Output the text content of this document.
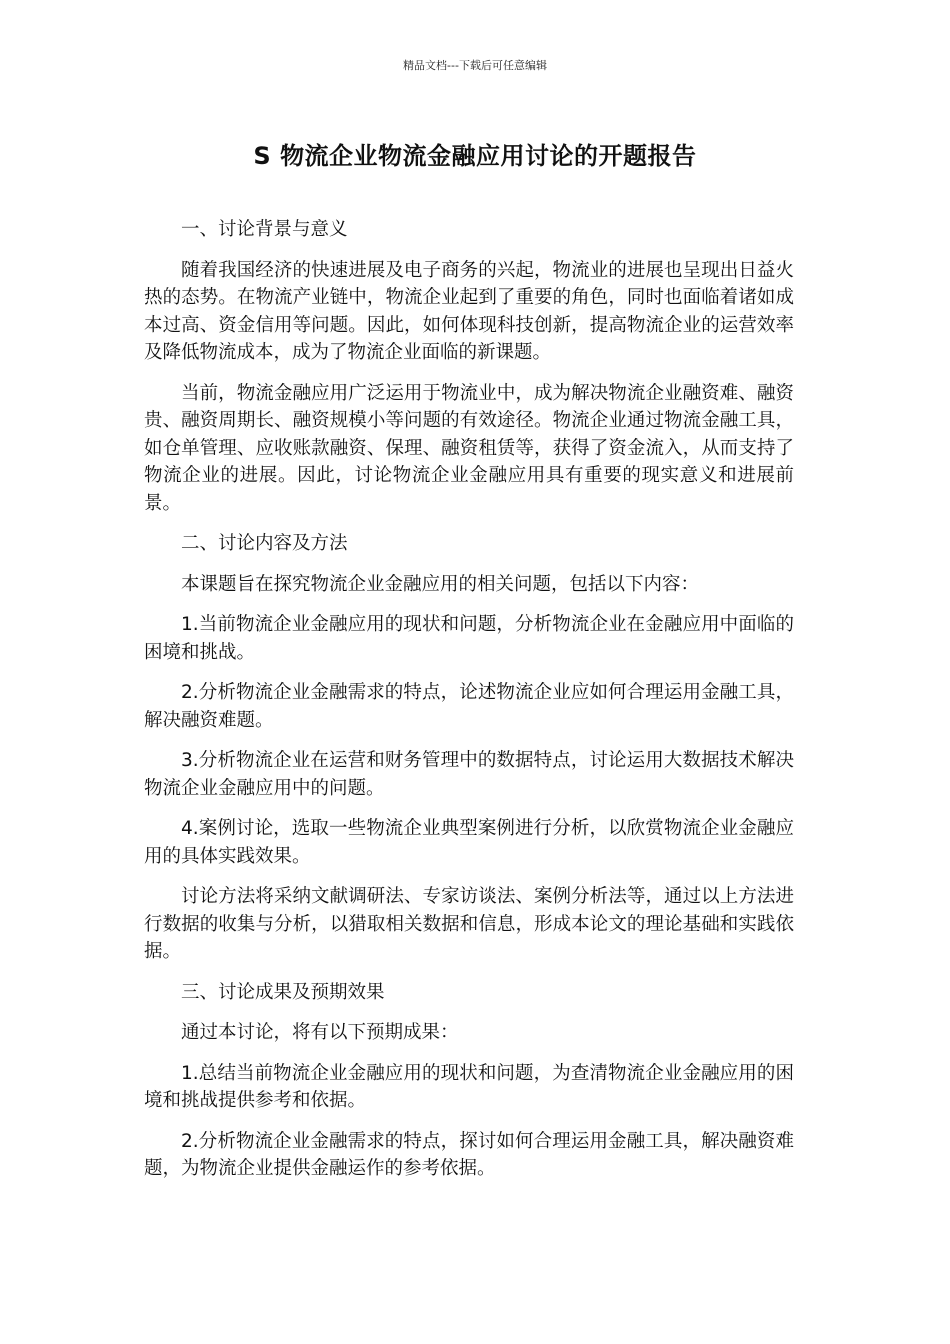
精品文档---下载后可任意编辑
S 物流企业物流金融应用讨论的开题报告

一、讨论背景与意义

随着我国经济的快速进展及电子商务的兴起，物流业的进展也呈现出日益火热的态势。在物流产业链中，物流企业起到了重要的角色，同时也面临着诸如成本过高、资金信用等问题。因此，如何体现科技创新，提高物流企业的运营效率及降低物流成本，成为了物流企业面临的新课题。

当前，物流金融应用广泛运用于物流业中，成为解决物流企业融资难、融资贵、融资周期长、融资规模小等问题的有效途径。物流企业通过物流金融工具，如仓单管理、应收账款融资、保理、融资租赁等，获得了资金流入，从而支持了物流企业的进展。因此，讨论物流企业金融应用具有重要的现实意义和进展前景。

二、讨论内容及方法

本课题旨在探究物流企业金融应用的相关问题，包括以下内容：

1.当前物流企业金融应用的现状和问题，分析物流企业在金融应用中面临的困境和挑战。

2.分析物流企业金融需求的特点，论述物流企业应如何合理运用金融工具，解决融资难题。

3.分析物流企业在运营和财务管理中的数据特点，讨论运用大数据技术解决物流企业金融应用中的问题。

4.案例讨论，选取一些物流企业典型案例进行分析，以欣赏物流企业金融应用的具体实践效果。

讨论方法将采纳文献调研法、专家访谈法、案例分析法等，通过以上方法进行数据的收集与分析，以猎取相关数据和信息，形成本论文的理论基础和实践依据。

三、讨论成果及预期效果

通过本讨论，将有以下预期成果：

1.总结当前物流企业金融应用的现状和问题，为查清物流企业金融应用的困境和挑战提供参考和依据。

2.分析物流企业金融需求的特点，探讨如何合理运用金融工具，解决融资难题，为物流企业提供金融运作的参考依据。
